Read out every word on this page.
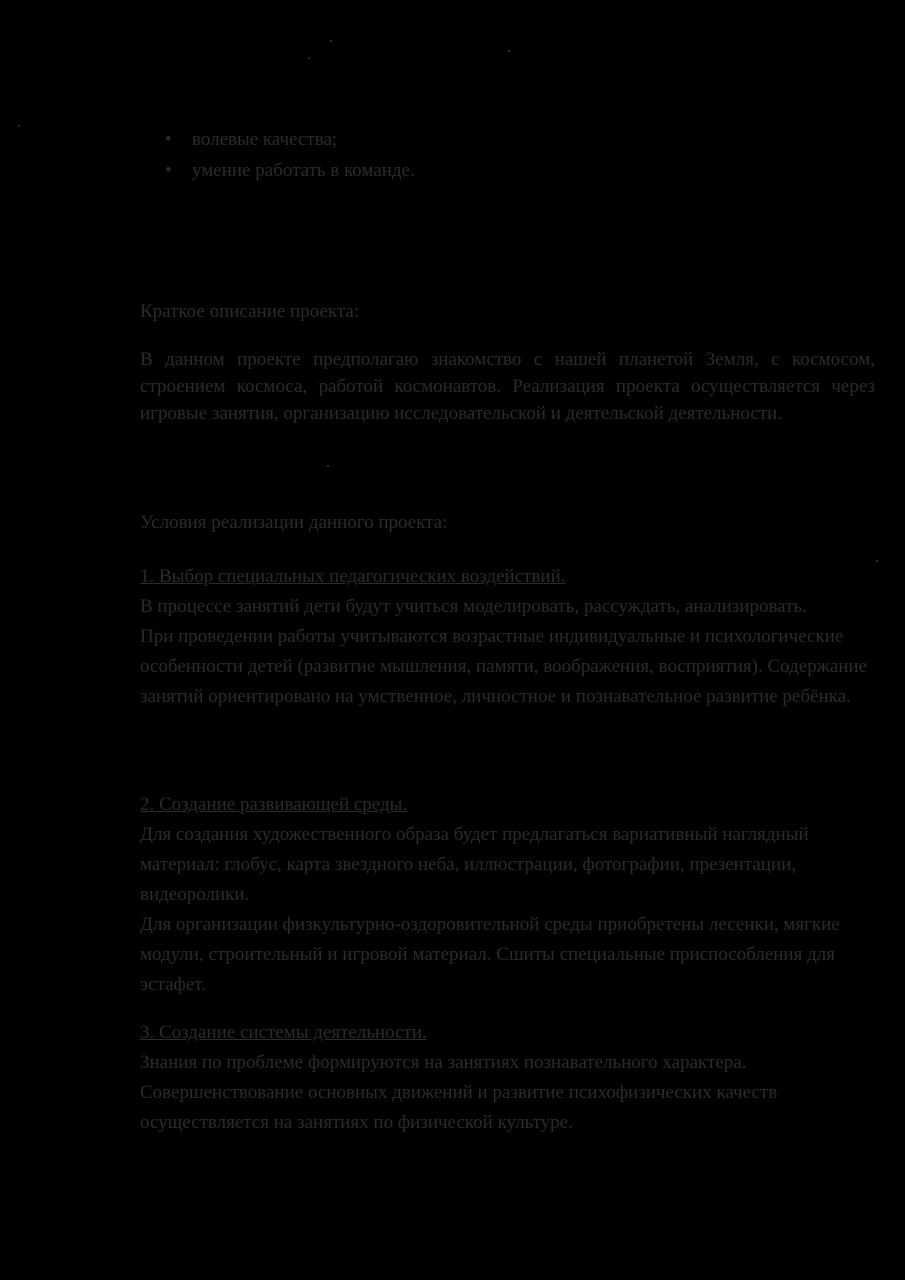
• волевые качества;
• умение работать в команде.
Краткое описание проекта:

В данном проекте предполагаю знакомство с нашей планетой Земля, с космосом, строением космоса, работой космонавтов. Реализация проекта осуществляется через игровые занятия, организацию исследовательской и деятельской деятельности.

Условия реализации данного проекта:

1. Выбор специальных педагогических воздействий.

В процессе занятий дети будут учиться моделировать, рассуждать, анализировать.

При проведении работы учитываются возрастные индивидуальные и психологические особенности детей (развитие мышления, памяти, воображения, восприятия). Содержание занятий ориентировано на умственное, личностное и познавательное развитие ребёнка.

2. Создание развивающей среды.

Для создания художественного образа будет предлагаться вариативный наглядный материал: глобус, карта звездного неба, иллюстрации, фотографии, презентации, видеоролики.

Для организации физкультурно-оздоровительной среды приобретены лесенки, мягкие модули, строительный и игровой материал. Сшиты специальные приспособления для эстафет.

3. Создание системы деятельности.

Знания по проблеме формируются на занятиях познавательного характера. Совершенствование основных движений и развитие психофизических качеств осуществляется на занятиях по физической культуре.
